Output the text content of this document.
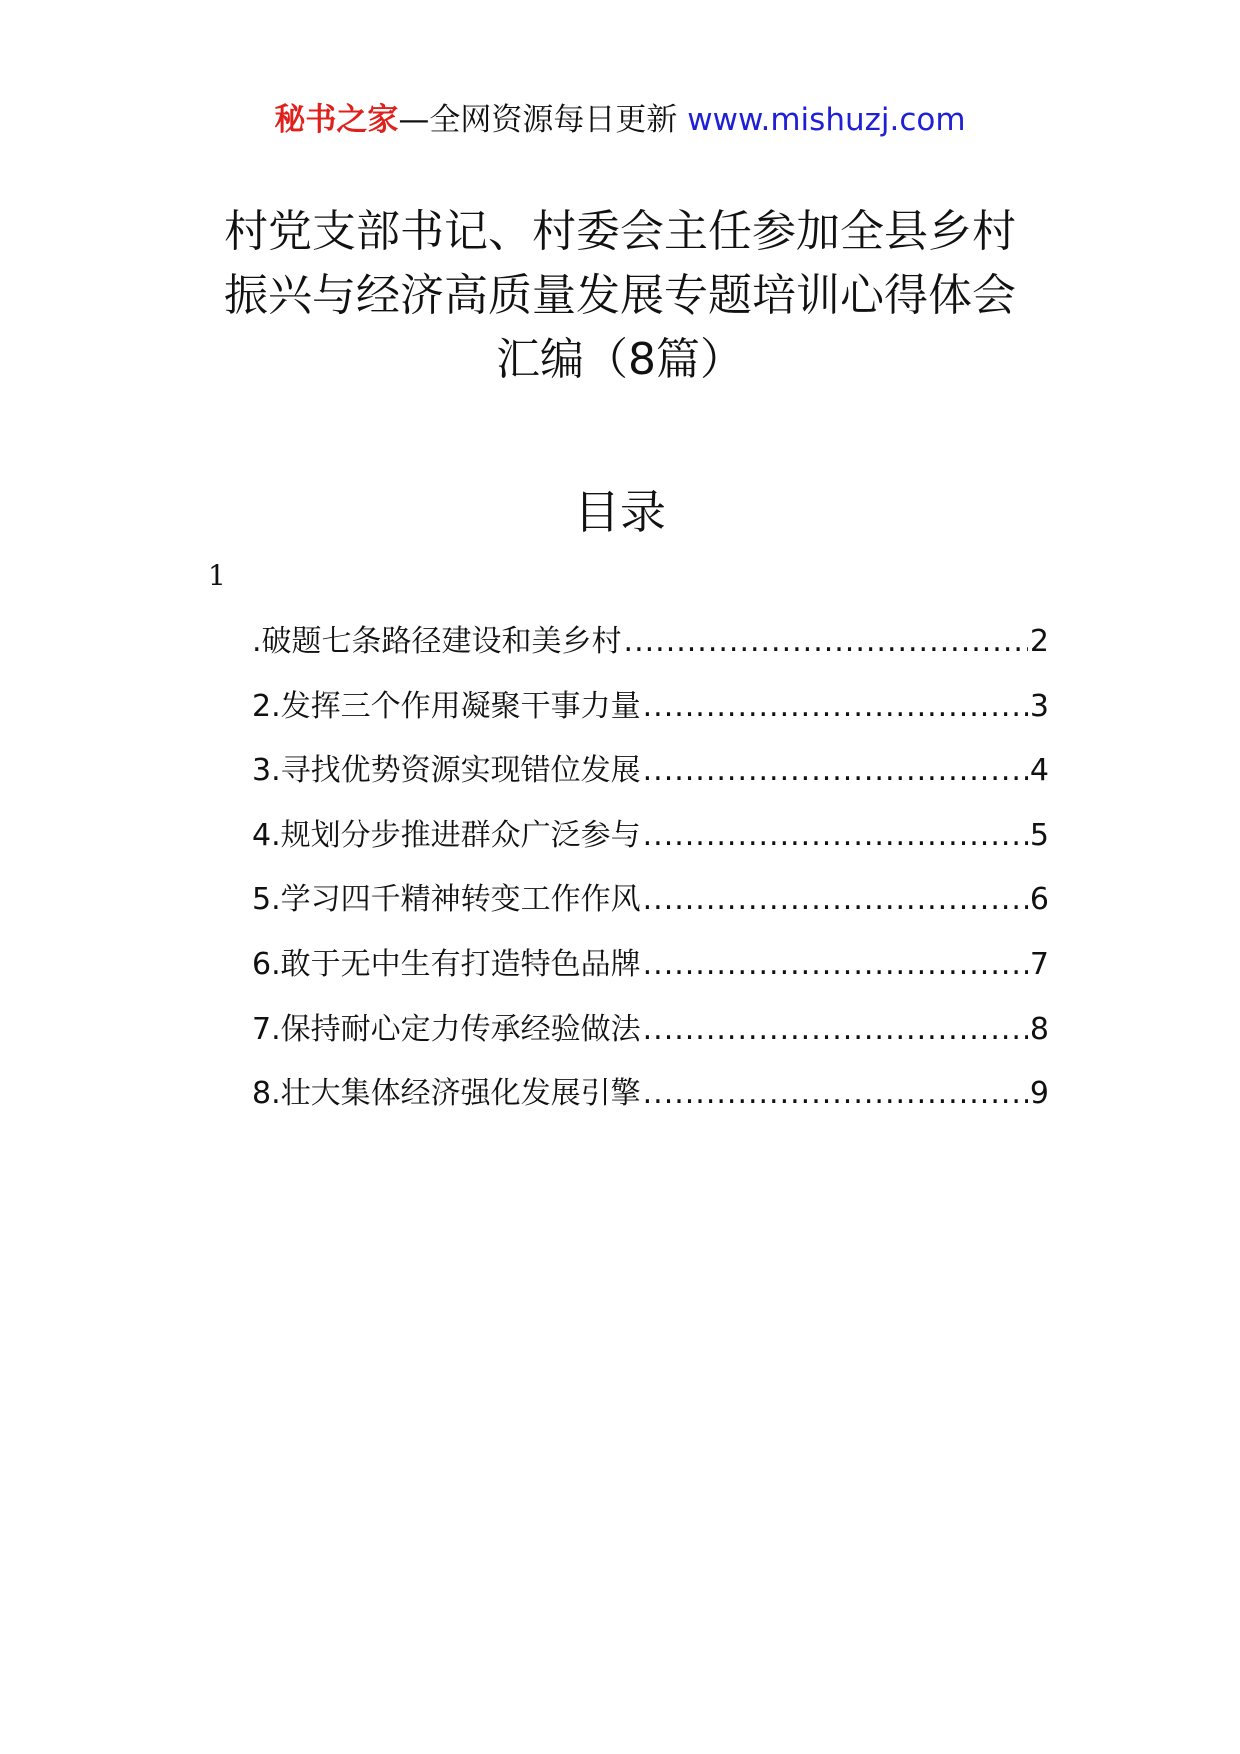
秘书之家—全网资源每日更新 www.mishuzj.com
村党支部书记、村委会主任参加全县乡村
振兴与经济高质量发展专题培训心得体会
汇编（8篇）
目录
1
.破题七条路径建设和美乡村 .....	2
2.发挥三个作用凝聚干事力量 .....	3
3.寻找优势资源实现错位发展 .....	4
4.规划分步推进群众广泛参与 .....	5
5.学习四千精神转变工作作风 .....	6
6.敢于无中生有打造特色品牌 .....	7
7.保持耐心定力传承经验做法 .....	8
8.壮大集体经济强化发展引擎 .....	9
